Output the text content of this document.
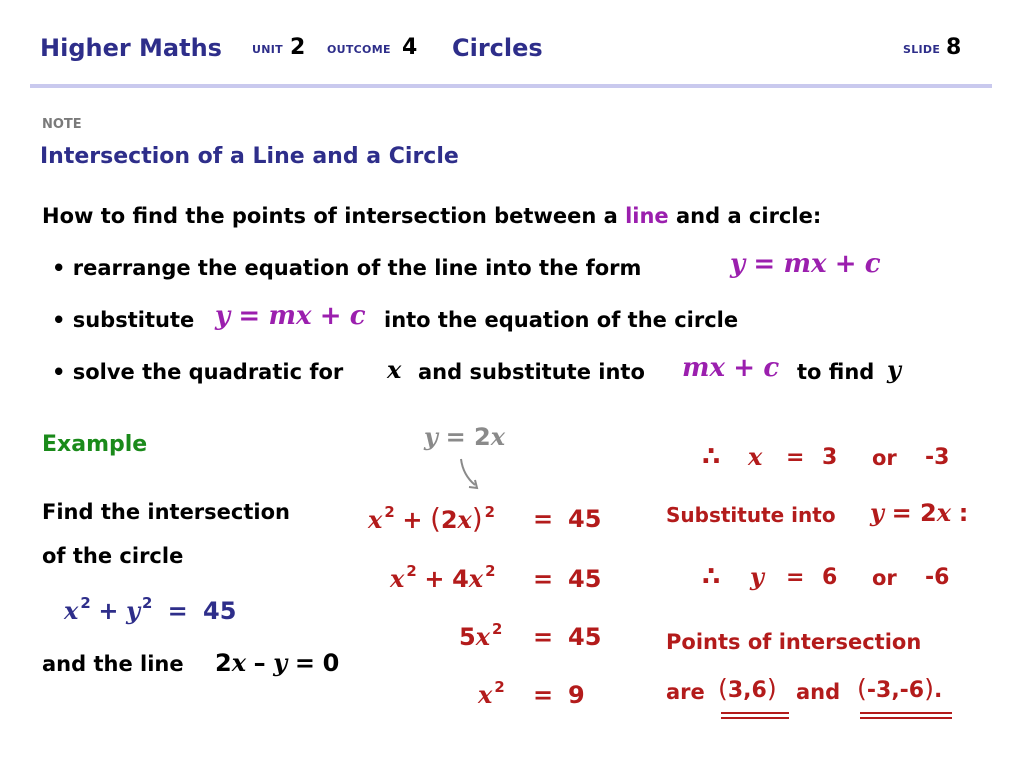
Higher Maths	UNIT 2 OUTCOME 4 Circles	SLIDE 8
NOTE
Intersection of a Line and a Circle
How to find the points of intersection between a line and a circle:
• rearrange the equation of the line into the form	y = mx + c
• substitute y = mx + c into the equation of the circle
• solve the quadratic for x and substitute into mx + c to find y
Example
Find the intersection
of the circle
x $^2$ + y $^2$ = 45
and the line 2x – y = 0
y = 2x
x $^2$ + (2x) $^2$ = 45
x $^2$ + 4x $^2$ = 45
5x $^2$ = 45
x $^2$ = 9
∴ x = 3 or -3
Substitute into y = 2x :
∴ y = 6 or -6
Points of intersection
are (3,6) and (-3,-6).
